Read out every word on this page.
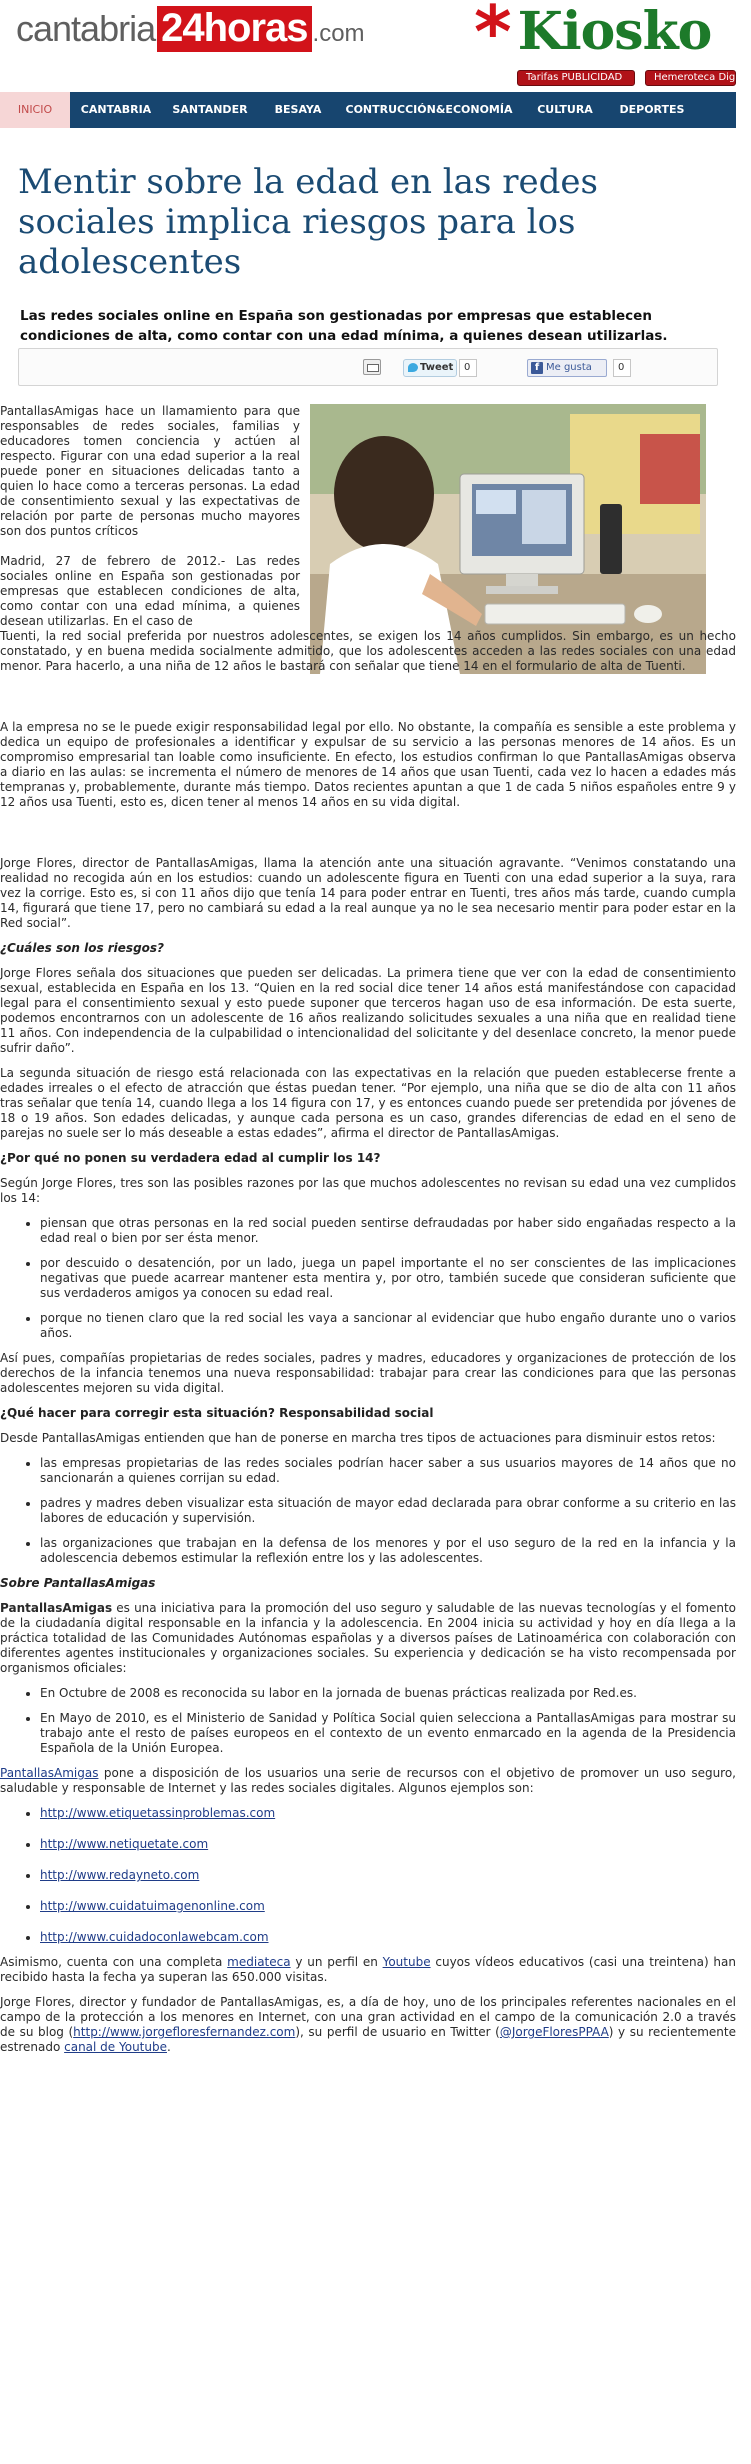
cantabria 24horas .com * Kiosko
Tarifas PUBLICIDAD	Hemeroteca Digital
INICIO	CANTABRIA	SANTANDER	BESAYA	CONTRUCCIÓN&ECONOMÍA	CULTURA	DEPORTES
Mentir sobre la edad en las redes sociales implica riesgos para los adolescentes
Las redes sociales online en España son gestionadas por empresas que establecen condiciones de alta, como contar con una edad mínima, a quienes desean utilizarlas.
Tweet	0	f Me gusta	0

PantallasAmigas hace un llamamiento para que responsables de redes sociales, familias y educadores tomen conciencia y actúen al respecto. Figurar con una edad superior a la real puede poner en situaciones delicadas tanto a quien lo hace como a terceras personas. La edad de consentimiento sexual y las expectativas de relación por parte de personas mucho mayores son dos puntos críticos

Madrid, 27 de febrero de 2012.- Las redes sociales online en España son gestionadas por empresas que establecen condiciones de alta, como contar con una edad mínima, a quienes desean utilizarlas. En el caso de

Tuenti, la red social preferida por nuestros adolescentes, se exigen los 14 años cumplidos. Sin embargo, es un hecho constatado, y en buena medida socialmente admitido, que los adolescentes acceden a las redes sociales con una edad menor. Para hacerlo, a una niña de 12 años le bastará con señalar que tiene 14 en el formulario de alta de Tuenti.

A la empresa no se le puede exigir responsabilidad legal por ello. No obstante, la compañía es sensible a este problema y dedica un equipo de profesionales a identificar y expulsar de su servicio a las personas menores de 14 años. Es un compromiso empresarial tan loable como insuficiente. En efecto, los estudios confirman lo que PantallasAmigas observa a diario en las aulas: se incrementa el número de menores de 14 años que usan Tuenti, cada vez lo hacen a edades más tempranas y, probablemente, durante más tiempo. Datos recientes apuntan a que 1 de cada 5 niños españoles entre 9 y 12 años usa Tuenti, esto es, dicen tener al menos 14 años en su vida digital.

Jorge Flores, director de PantallasAmigas, llama la atención ante una situación agravante. “Venimos constatando una realidad no recogida aún en los estudios: cuando un adolescente figura en Tuenti con una edad superior a la suya, rara vez la corrige. Esto es, si con 11 años dijo que tenía 14 para poder entrar en Tuenti, tres años más tarde, cuando cumpla 14, figurará que tiene 17, pero no cambiará su edad a la real aunque ya no le sea necesario mentir para poder estar en la Red social”.

¿Cuáles son los riesgos?

Jorge Flores señala dos situaciones que pueden ser delicadas. La primera tiene que ver con la edad de consentimiento sexual, establecida en España en los 13. “Quien en la red social dice tener 14 años está manifestándose con capacidad legal para el consentimiento sexual y esto puede suponer que terceros hagan uso de esa información. De esta suerte, podemos encontrarnos con un adolescente de 16 años realizando solicitudes sexuales a una niña que en realidad tiene 11 años. Con independencia de la culpabilidad o intencionalidad del solicitante y del desenlace concreto, la menor puede sufrir daño”.

La segunda situación de riesgo está relacionada con las expectativas en la relación que pueden establecerse frente a edades irreales o el efecto de atracción que éstas puedan tener. “Por ejemplo, una niña que se dio de alta con 11 años tras señalar que tenía 14, cuando llega a los 14 figura con 17, y es entonces cuando puede ser pretendida por jóvenes de 18 o 19 años. Son edades delicadas, y aunque cada persona es un caso, grandes diferencias de edad en el seno de parejas no suele ser lo más deseable a estas edades”, afirma el director de PantallasAmigas.

¿Por qué no ponen su verdadera edad al cumplir los 14?

Según Jorge Flores, tres son las posibles razones por las que muchos adolescentes no revisan su edad una vez cumplidos los 14:

• piensan que otras personas en la red social pueden sentirse defraudadas por haber sido engañadas respecto a la edad real o bien por ser ésta menor.
• por descuido o desatención, por un lado, juega un papel importante el no ser conscientes de las implicaciones negativas que puede acarrear mantener esta mentira y, por otro, también sucede que consideran suficiente que sus verdaderos amigos ya conocen su edad real.
• porque no tienen claro que la red social les vaya a sancionar al evidenciar que hubo engaño durante uno o varios años.

Así pues, compañías propietarias de redes sociales, padres y madres, educadores y organizaciones de protección de los derechos de la infancia tenemos una nueva responsabilidad: trabajar para crear las condiciones para que las personas adolescentes mejoren su vida digital.

¿Qué hacer para corregir esta situación? Responsabilidad social

Desde PantallasAmigas entienden que han de ponerse en marcha tres tipos de actuaciones para disminuir estos retos:

• las empresas propietarias de las redes sociales podrían hacer saber a sus usuarios mayores de 14 años que no sancionarán a quienes corrijan su edad.
• padres y madres deben visualizar esta situación de mayor edad declarada para obrar conforme a su criterio en las labores de educación y supervisión.
• las organizaciones que trabajan en la defensa de los menores y por el uso seguro de la red en la infancia y la adolescencia debemos estimular la reflexión entre los y las adolescentes.

Sobre PantallasAmigas

PantallasAmigas es una iniciativa para la promoción del uso seguro y saludable de las nuevas tecnologías y el fomento de la ciudadanía digital responsable en la infancia y la adolescencia. En 2004 inicia su actividad y hoy en día llega a la práctica totalidad de las Comunidades Autónomas españolas y a diversos países de Latinoamérica con colaboración con diferentes agentes institucionales y organizaciones sociales. Su experiencia y dedicación se ha visto recompensada por organismos oficiales:

• En Octubre de 2008 es reconocida su labor en la jornada de buenas prácticas realizada por Red.es.
• En Mayo de 2010, es el Ministerio de Sanidad y Política Social quien selecciona a PantallasAmigas para mostrar su trabajo ante el resto de países europeos en el contexto de un evento enmarcado en la agenda de la Presidencia Española de la Unión Europea.

PantallasAmigas pone a disposición de los usuarios una serie de recursos con el objetivo de promover un uso seguro, saludable y responsable de Internet y las redes sociales digitales. Algunos ejemplos son:

• http://www.etiquetassinproblemas.com
• http://www.netiquetate.com
• http://www.redayneto.com
• http://www.cuidatuimagenonline.com
• http://www.cuidadoconlawebcam.com

Asimismo, cuenta con una completa mediateca y un perfil en Youtube cuyos vídeos educativos (casi una treintena) han recibido hasta la fecha ya superan las 650.000 visitas.

Jorge Flores, director y fundador de PantallasAmigas, es, a día de hoy, uno de los principales referentes nacionales en el campo de la protección a los menores en Internet, con una gran actividad en el campo de la comunicación 2.0 a través de su blog (http://www.jorgefloresfernandez.com), su perfil de usuario en Twitter (@JorgeFloresPPAA) y su recientemente estrenado canal de Youtube.
